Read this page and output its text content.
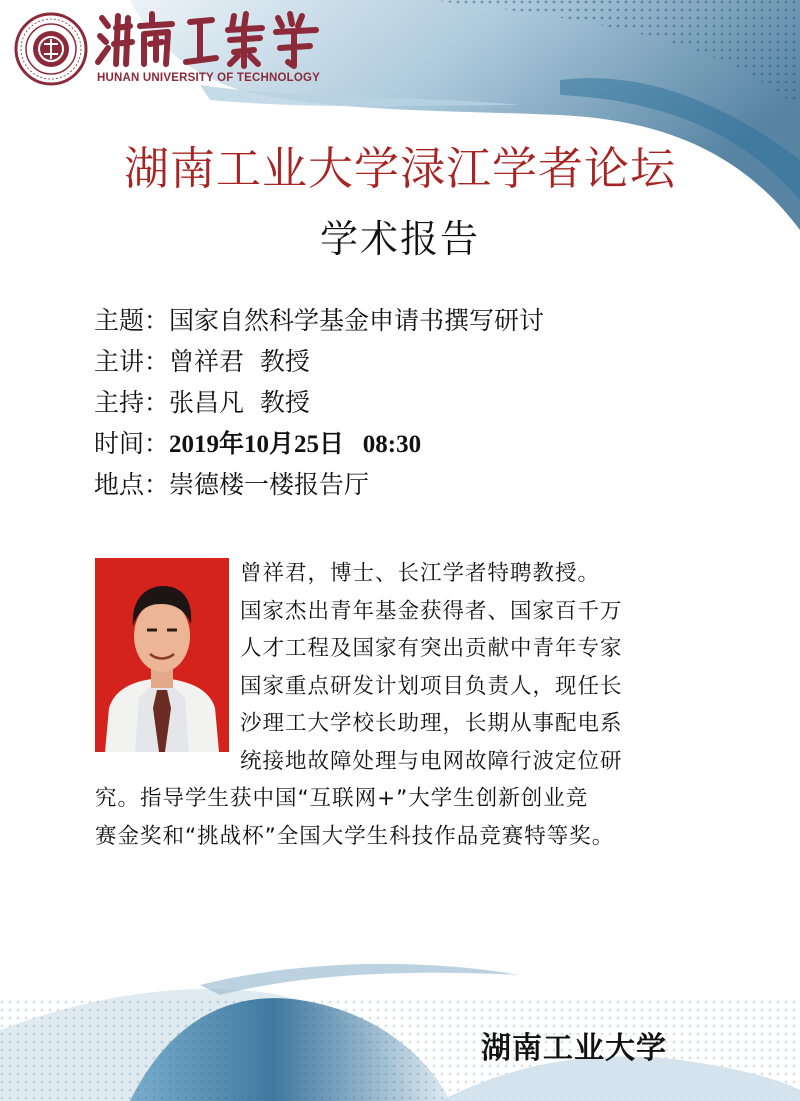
HUNAN UNIVERSITY OF TECHNOLOGY
湖南工业大学渌江学者论坛
学术报告
主题：国家自然科学基金申请书撰写研讨
主讲：曾祥君  教授
主持：张昌凡  教授
时间：2019年10月25日   08:30
地点：崇德楼一楼报告厅
曾祥君，博士、长江学者特聘教授。
国家杰出青年基金获得者、国家百千万
人才工程及国家有突出贡献中青年专家
国家重点研发计划项目负责人，现任长
沙理工大学校长助理，长期从事配电系
统接地故障处理与电网故障行波定位研
究。指导学生获中国“互联网+”大学生创新创业竞
赛金奖和“挑战杯”全国大学生科技作品竞赛特等奖。
湖南工业大学
